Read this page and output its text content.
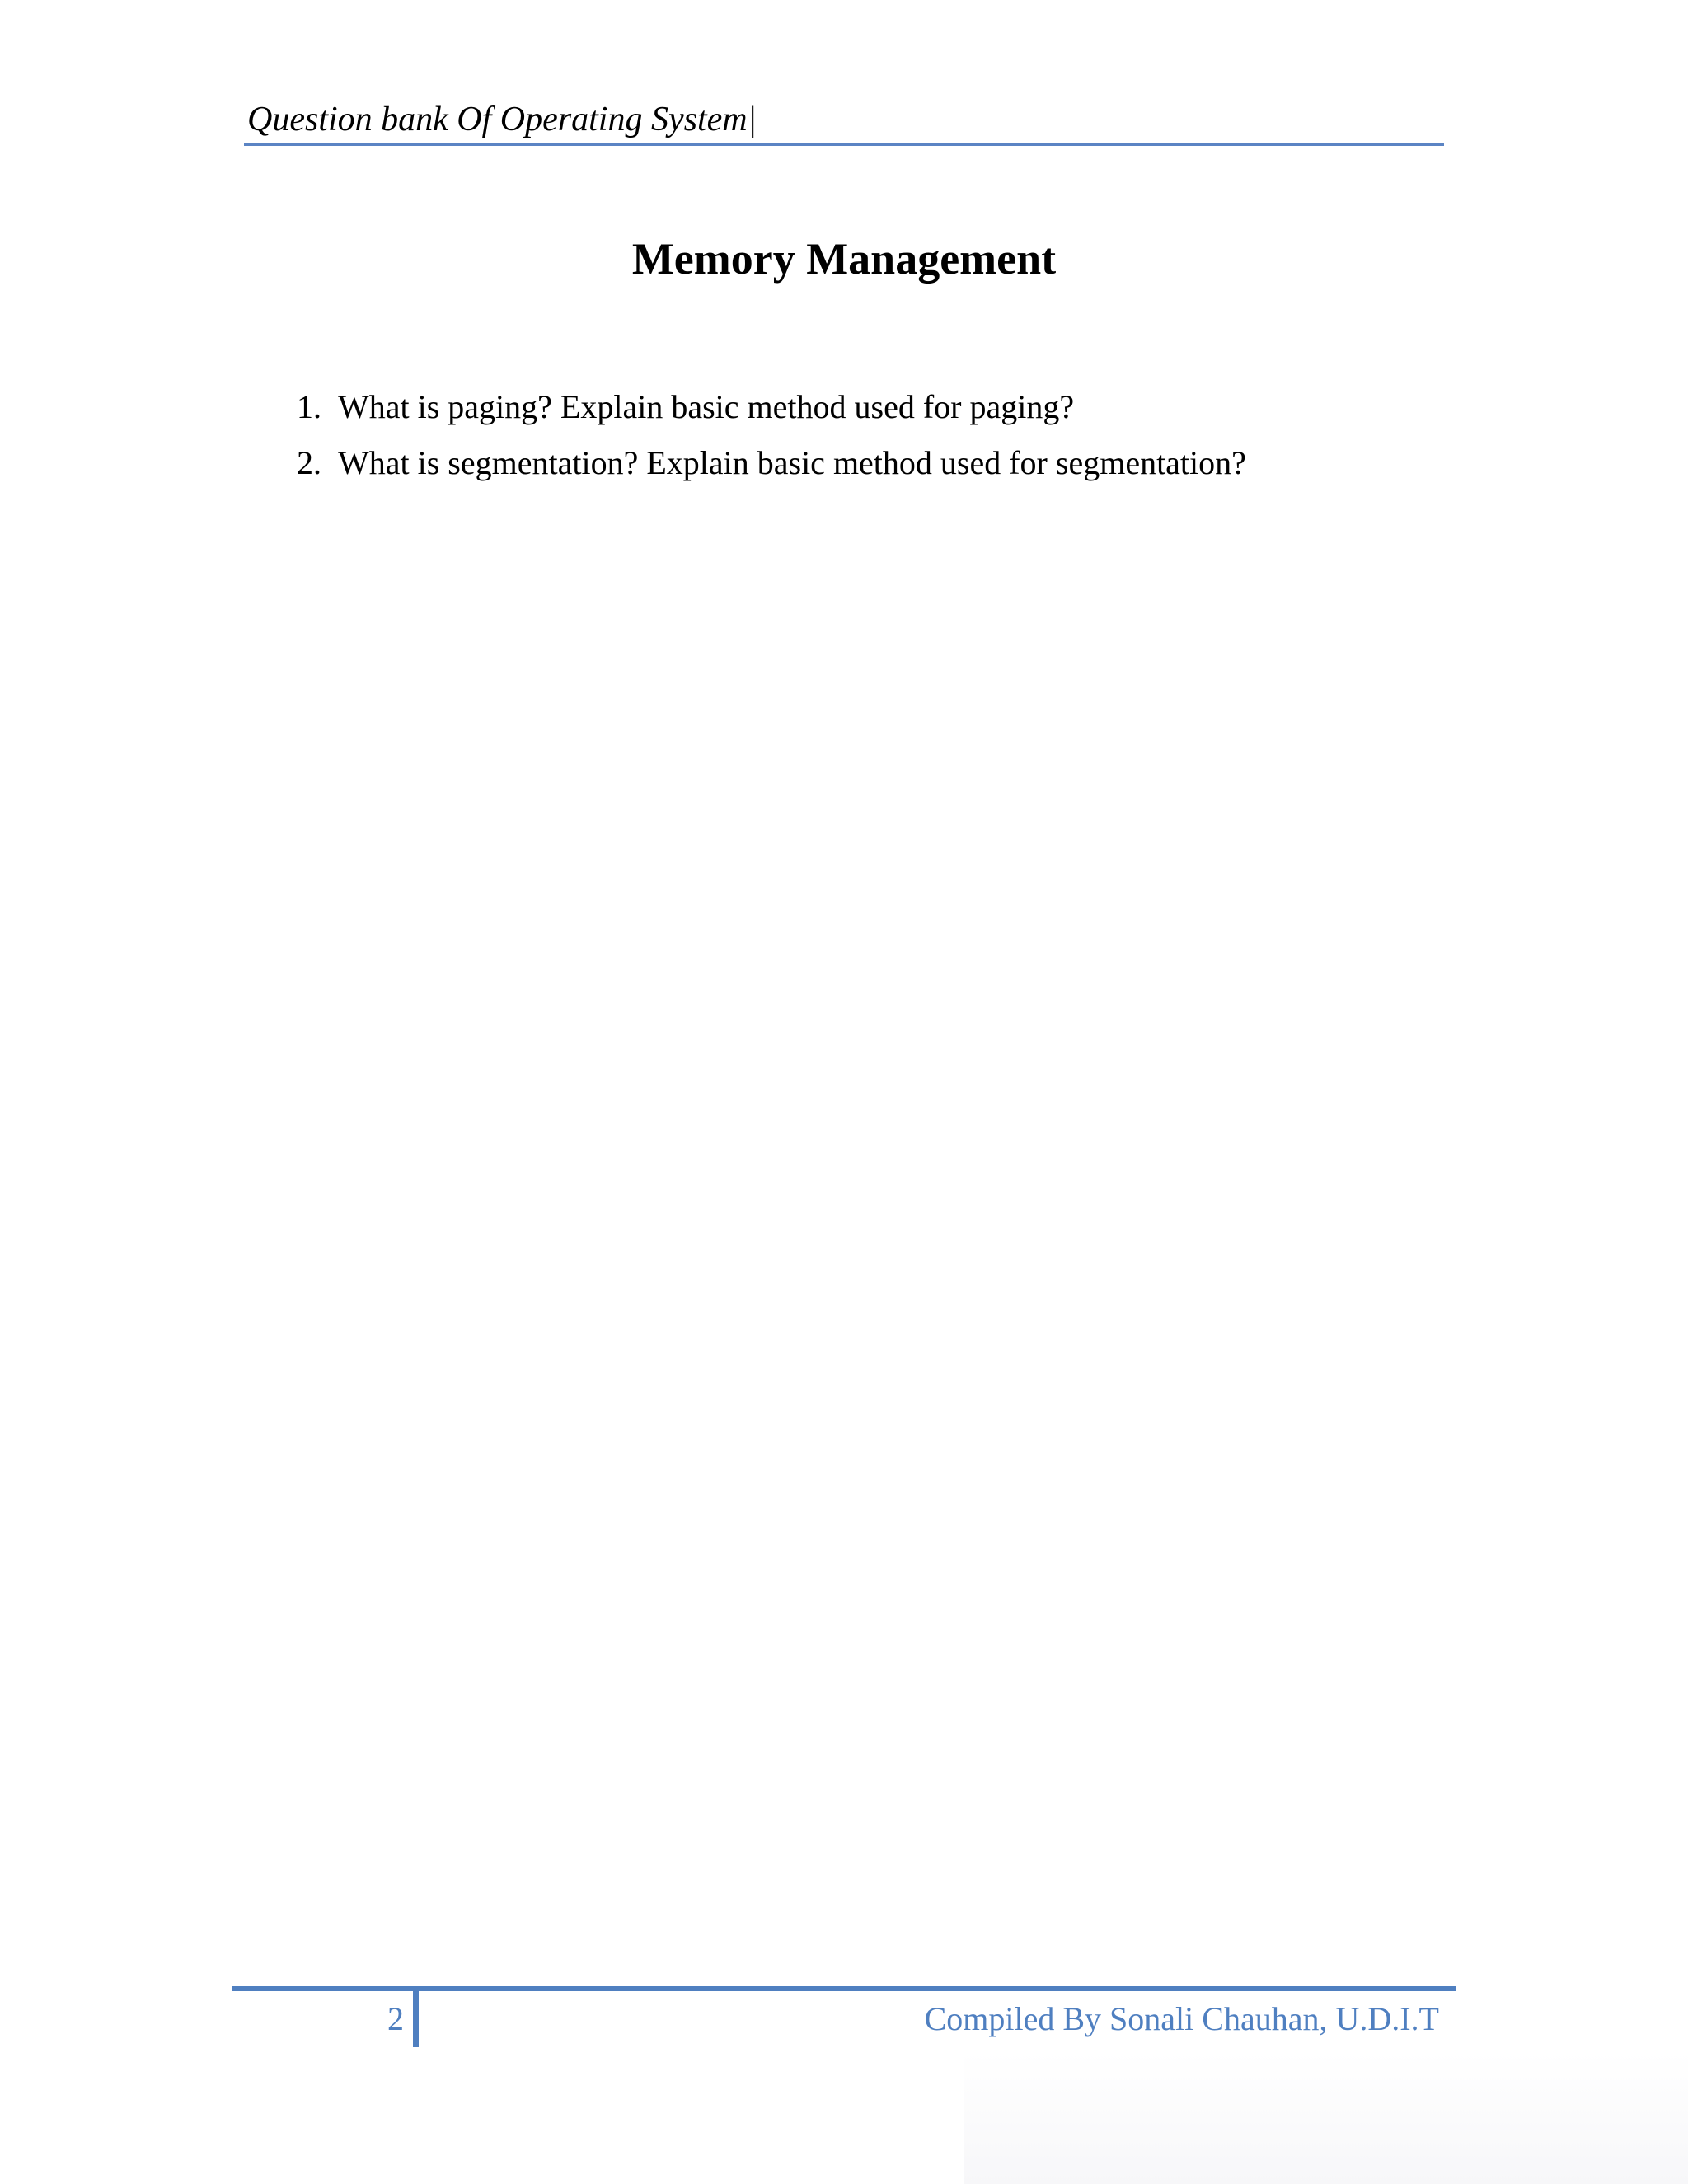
Question bank Of Operating System|
Memory Management
1. What is paging? Explain basic method used for paging?
2. What is segmentation? Explain basic method used for segmentation?
2	Compiled By Sonali Chauhan, U.D.I.T
